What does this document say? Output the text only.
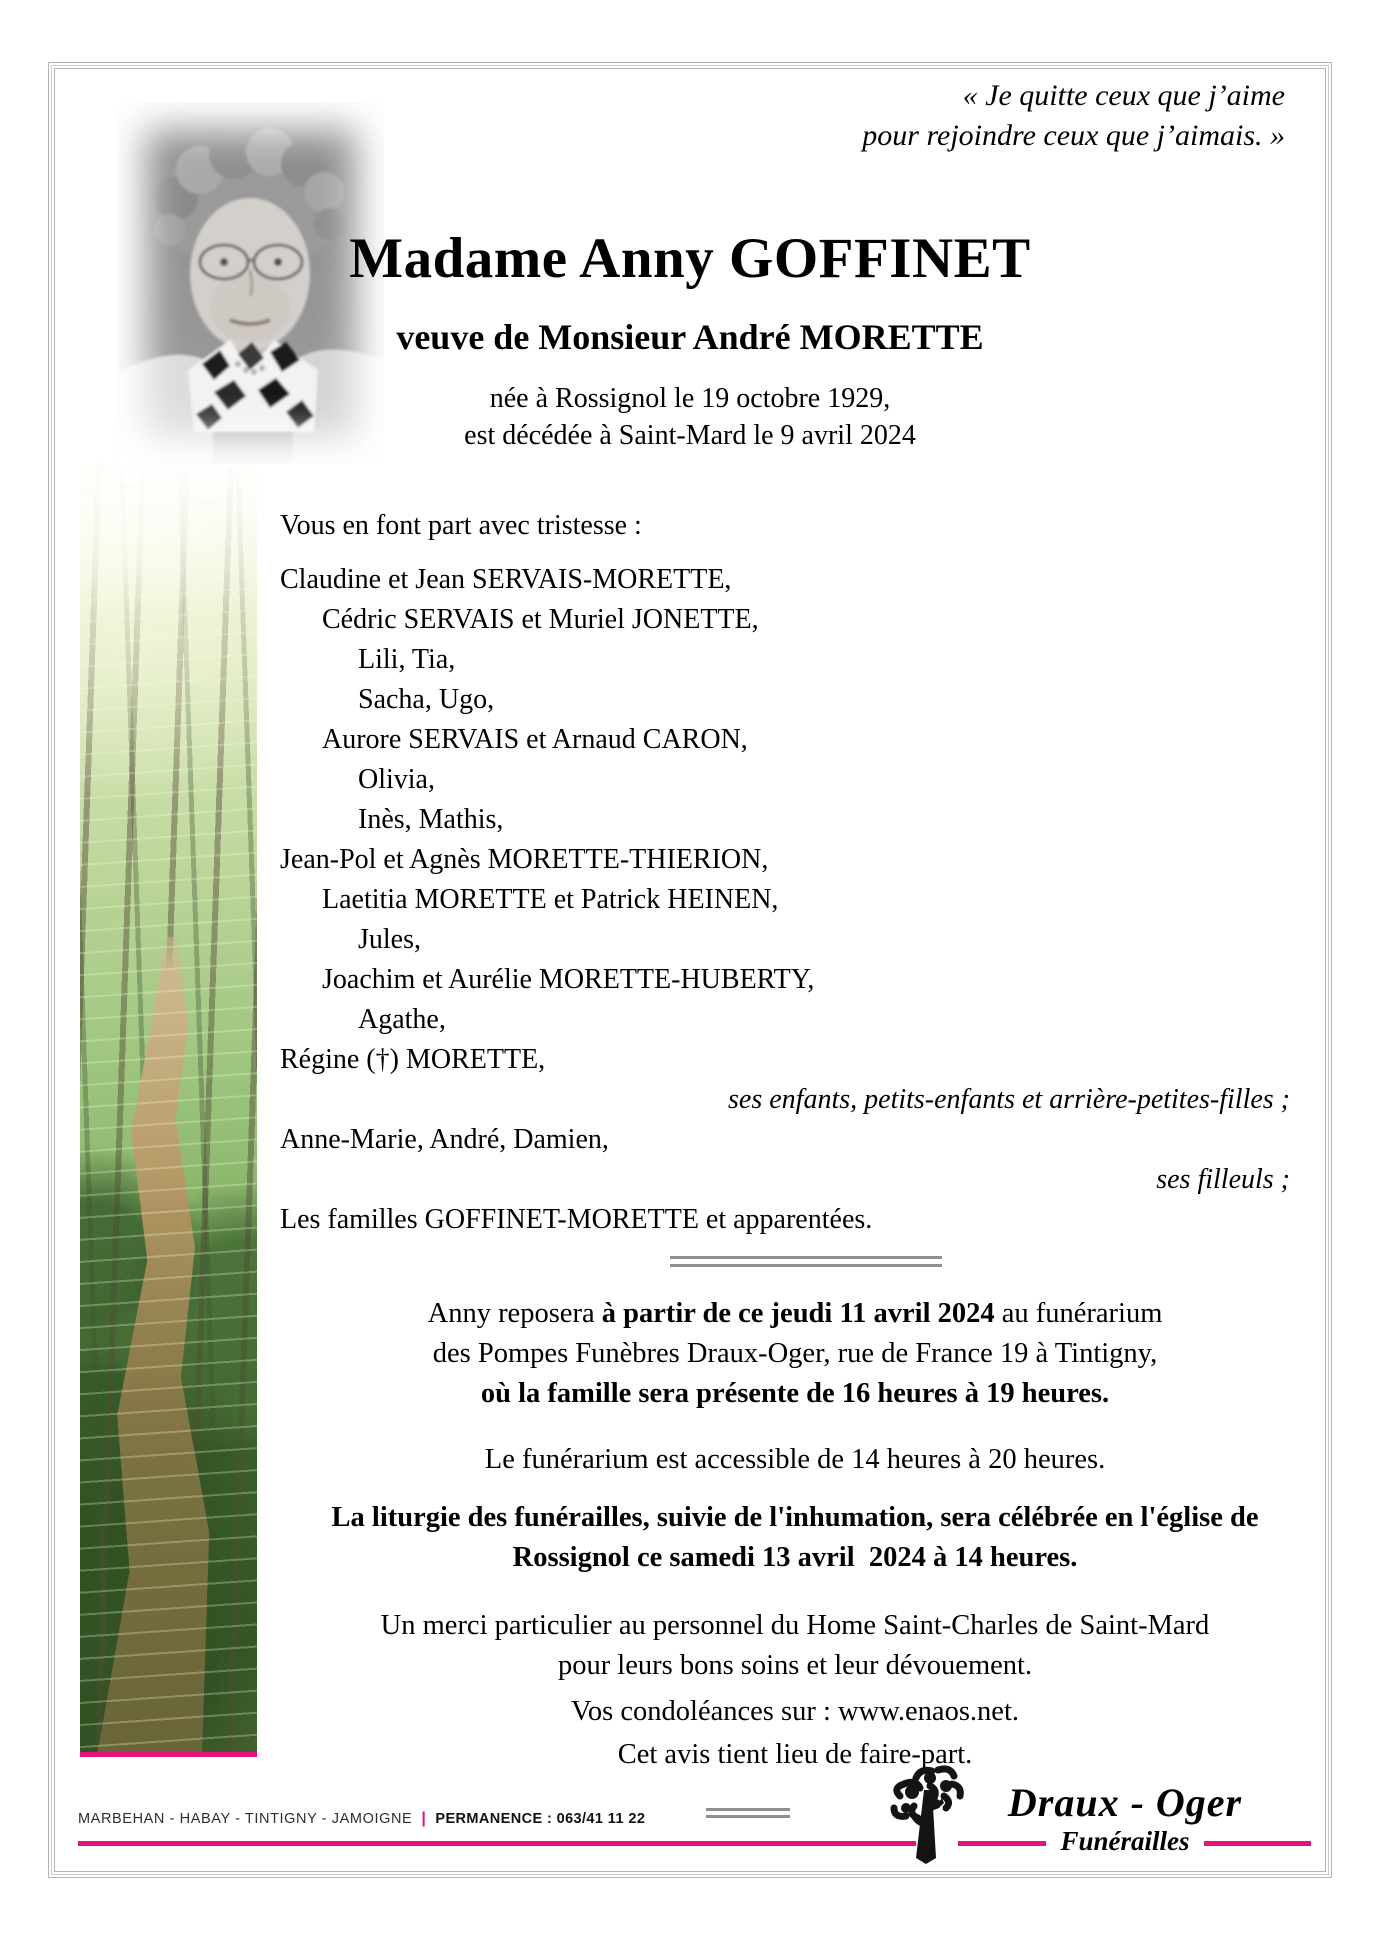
« Je quitte ceux que j’aime
pour rejoindre ceux que j’aimais. »
Madame Anny GOFFINET
veuve de Monsieur André MORETTE
née à Rossignol le 19 octobre 1929,
est décédée à Saint-Mard le 9 avril 2024
Vous en font part avec tristesse :
Claudine et Jean SERVAIS-MORETTE,
Cédric SERVAIS et Muriel JONETTE,
Lili, Tia,
Sacha, Ugo,
Aurore SERVAIS et Arnaud CARON,
Olivia,
Inès, Mathis,
Jean-Pol et Agnès MORETTE-THIERION,
Laetitia MORETTE et Patrick HEINEN,
Jules,
Joachim et Aurélie MORETTE-HUBERTY,
Agathe,
Régine (†) MORETTE,
ses enfants, petits-enfants et arrière-petites-filles ;
Anne-Marie, André, Damien,
ses filleuls ;
Les familles GOFFINET-MORETTE et apparentées.
Anny reposera à partir de ce jeudi 11 avril 2024 au funérarium
des Pompes Funèbres Draux-Oger, rue de France 19 à Tintigny,
où la famille sera présente de 16 heures à 19 heures.
Le funérarium est accessible de 14 heures à 20 heures.
La liturgie des funérailles, suivie de l'inhumation, sera célébrée en l'église de
Rossignol ce samedi 13 avril  2024 à 14 heures.
Un merci particulier au personnel du Home Saint-Charles de Saint-Mard
pour leurs bons soins et leur dévouement.
Vos condoléances sur : www.enaos.net.
Cet avis tient lieu de faire-part.
MARBEHAN - HABAY - TINTIGNY - JAMOIGNE | PERMANENCE : 063/41 11 22	Draux - Oger
Funérailles
